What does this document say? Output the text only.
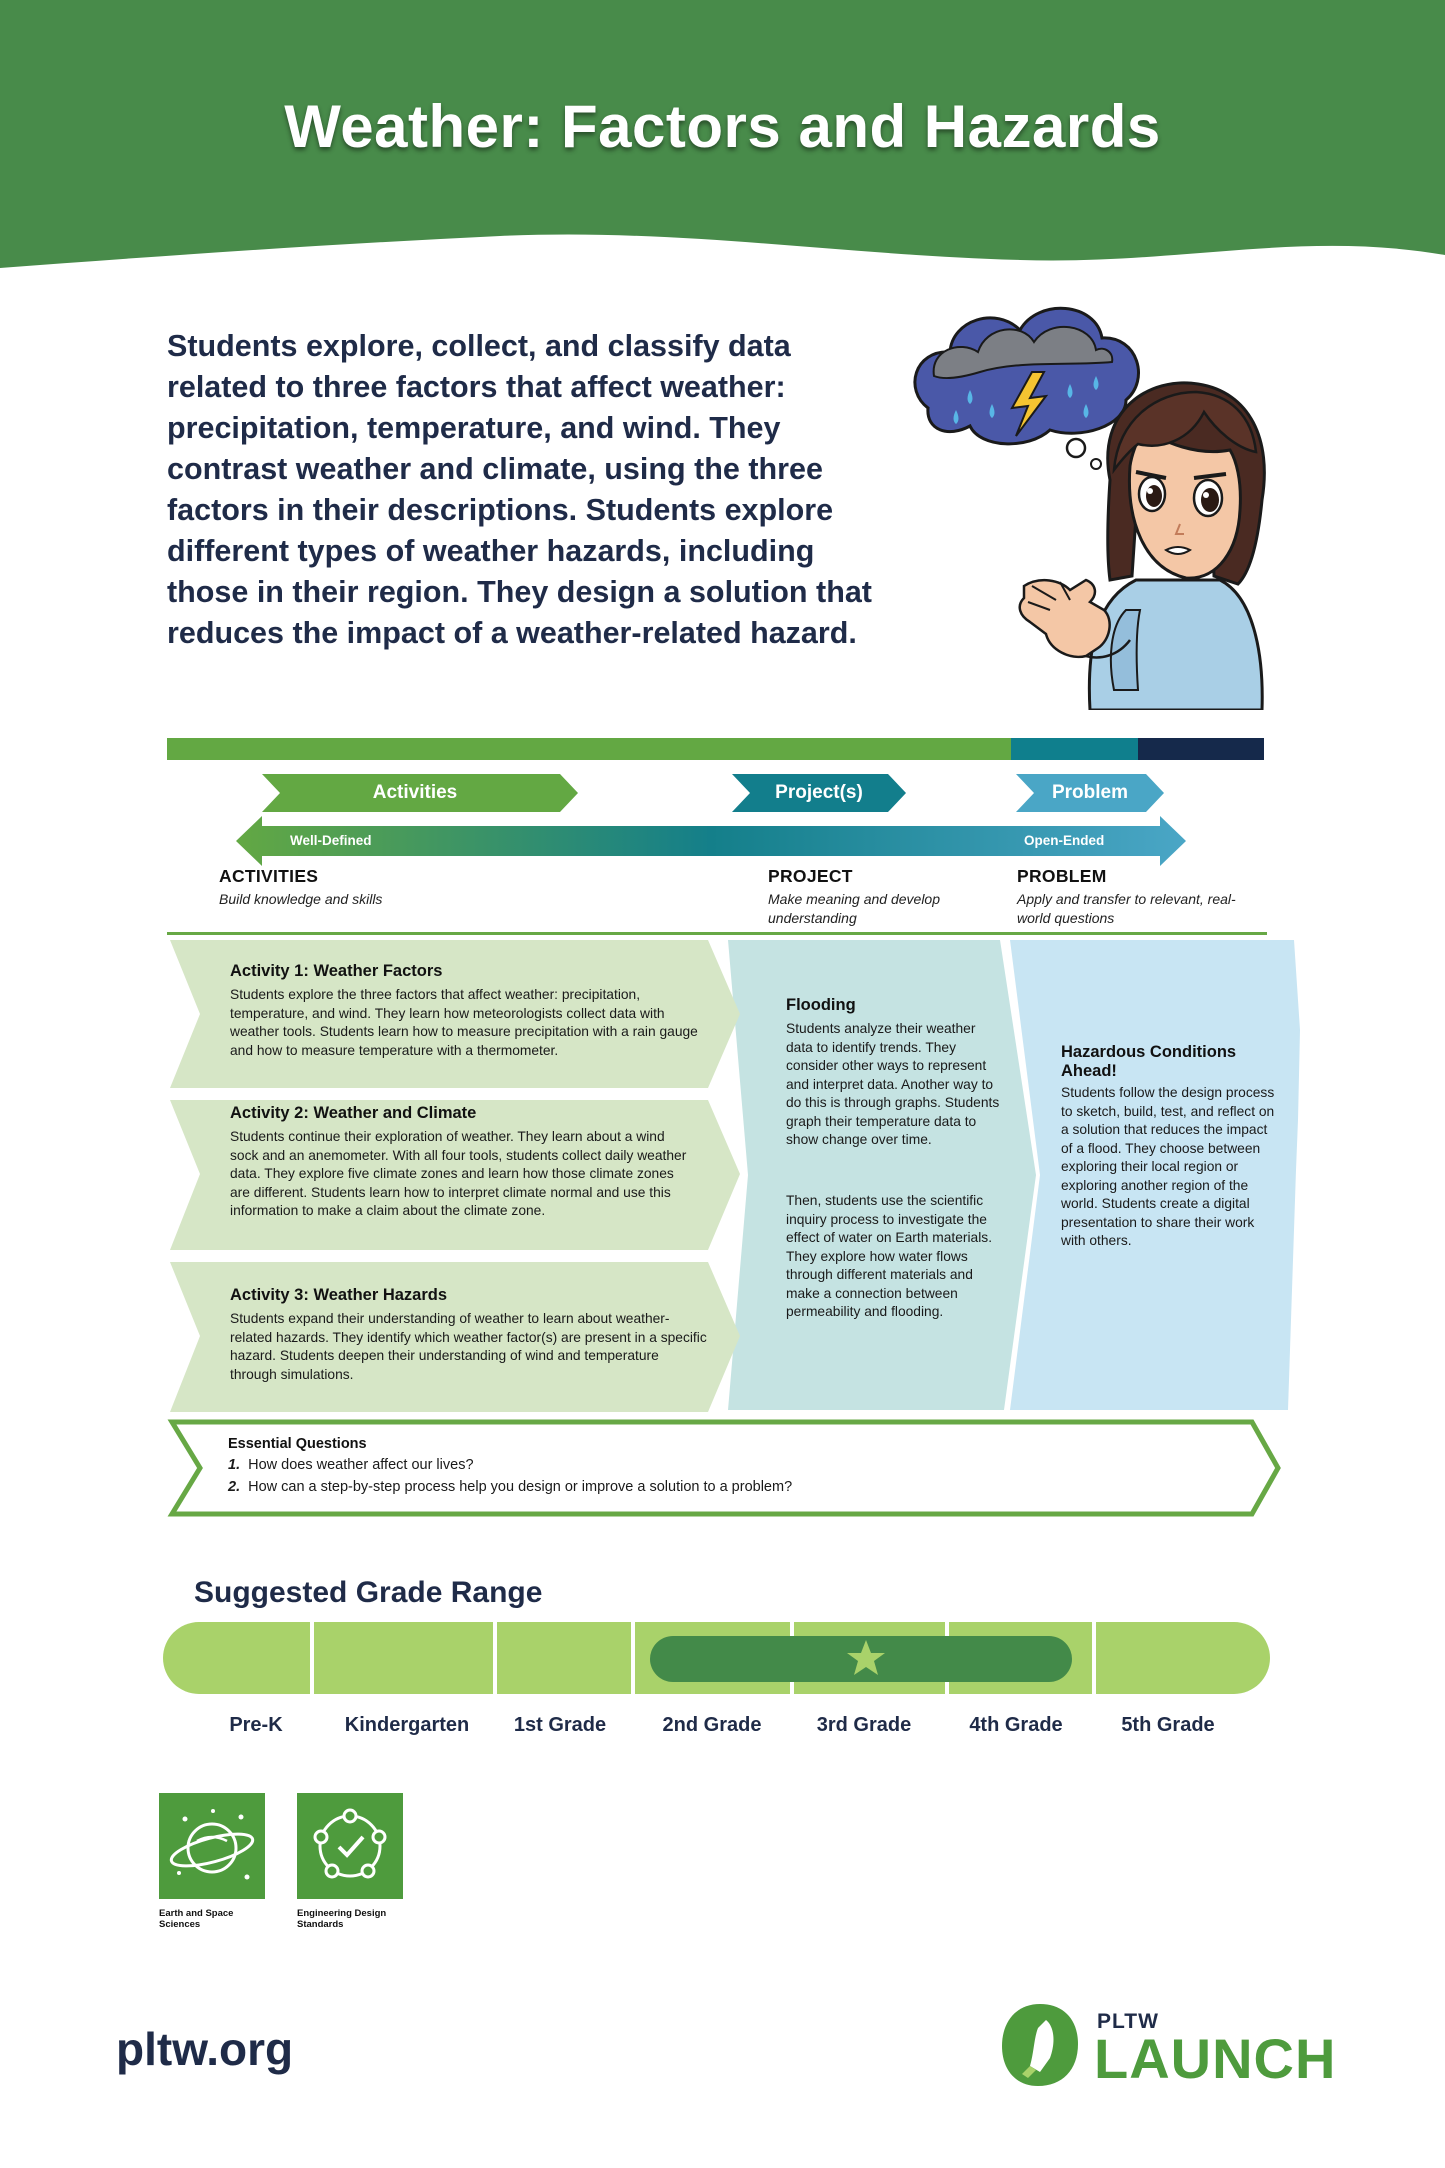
Weather: Factors and Hazards
Students explore, collect, and classify data related to three factors that affect weather: precipitation, temperature, and wind. They contrast weather and climate, using the three factors in their descriptions. Students explore different types of weather hazards, including those in their region. They design a solution that reduces the impact of a weather-related hazard.
Activities	Project(s)	Problem
Well-Defined	Open-Ended
ACTIVITIES
Build knowledge and skills
PROJECT
Make meaning and develop understanding
PROBLEM
Apply and transfer to relevant, real-world questions
Activity 1: Weather Factors
Students explore the three factors that affect weather: precipitation, temperature, and wind. They learn how meteorologists collect data with weather tools. Students learn how to measure precipitation with a rain gauge and how to measure temperature with a thermometer.
Activity 2: Weather and Climate
Students continue their exploration of weather. They learn about a wind sock and an anemometer. With all four tools, students collect daily weather data. They explore five climate zones and learn how those climate zones are different. Students learn how to interpret climate normal and use this information to make a claim about the climate zone.
Activity 3: Weather Hazards
Students expand their understanding of weather to learn about weather-related hazards. They identify which weather factor(s) are present in a specific hazard. Students deepen their understanding of wind and temperature through simulations.
Flooding
Students analyze their weather data to identify trends. They consider other ways to represent and interpret data. Another way to do this is through graphs. Students graph their temperature data to show change over time.
Then, students use the scientific inquiry process to investigate the effect of water on Earth materials. They explore how water flows through different materials and make a connection between permeability and flooding.
Hazardous Conditions Ahead!
Students follow the design process to sketch, build, test, and reflect on a solution that reduces the impact of a flood. They choose between exploring their local region or exploring another region of the world. Students create a digital presentation to share their work with others.
Essential Questions
1. How does weather affect our lives?
2. How can a step-by-step process help you design or improve a solution to a problem?
Suggested Grade Range
Pre-K	Kindergarten	1st Grade	2nd Grade	3rd Grade	4th Grade	5th Grade
Earth and Space Sciences
Engineering Design Standards
pltw.org
PLTW
LAUNCH
